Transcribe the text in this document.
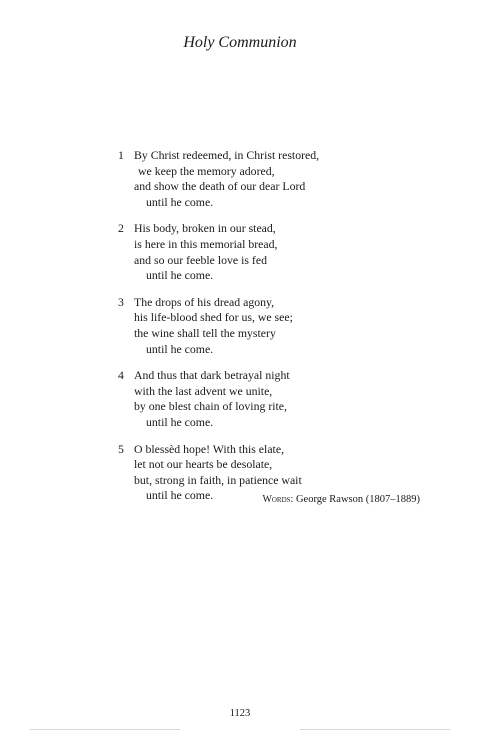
Holy Communion
1 By Christ redeemed, in Christ restored,
we keep the memory adored,
and show the death of our dear Lord
until he come.
2 His body, broken in our stead,
is here in this memorial bread,
and so our feeble love is fed
until he come.
3 The drops of his dread agony,
his life-blood shed for us, we see;
the wine shall tell the mystery
until he come.
4 And thus that dark betrayal night
with the last advent we unite,
by one blest chain of loving rite,
until he come.
5 O blessèd hope! With this elate,
let not our hearts be desolate,
but, strong in faith, in patience wait
until he come.	Words: George Rawson (1807–1889)
1123
